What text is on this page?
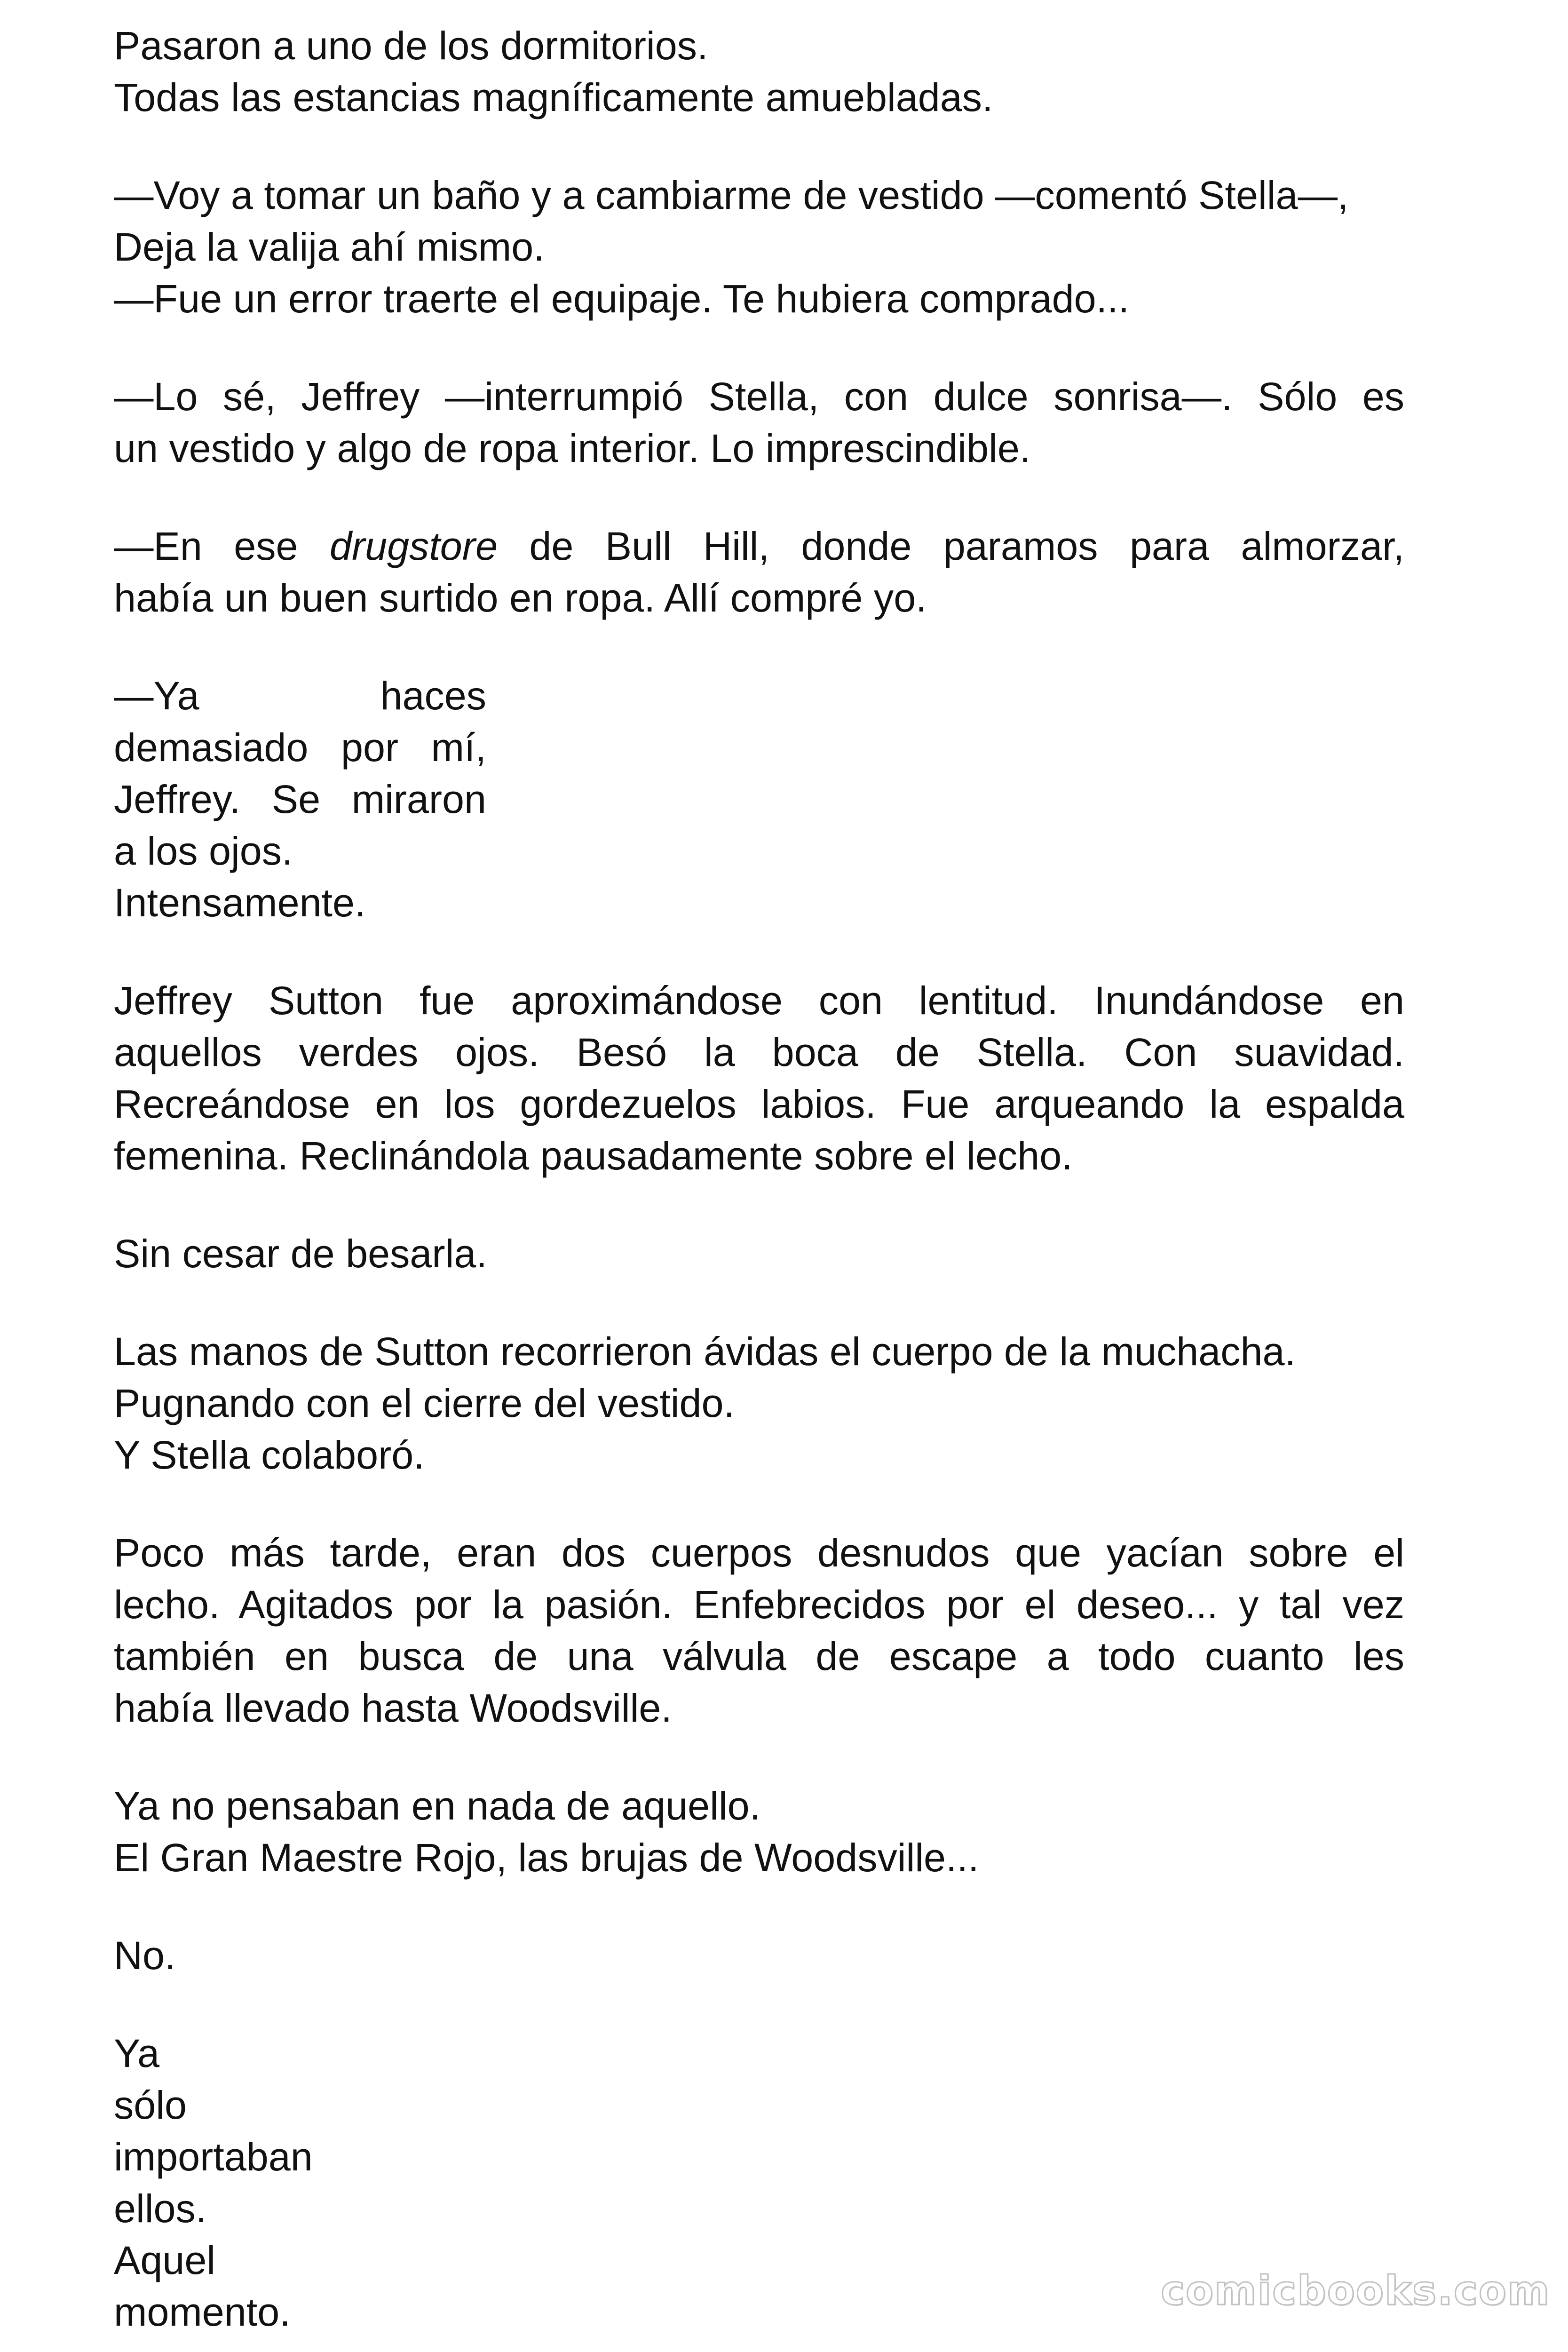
Pasaron a uno de los dormitorios.
Todas las estancias magníficamente amuebladas.
—Voy a tomar un baño y a cambiarme de vestido —comentó Stella—,
Deja la valija ahí mismo.
—Fue un error traerte el equipaje. Te hubiera comprado...
—Lo sé, Jeffrey —interrumpió Stella, con dulce sonrisa—. Sólo es
un vestido y algo de ropa interior. Lo imprescindible.
—En ese drugstore de Bull Hill, donde paramos para almorzar,
había un buen surtido en ropa. Allí compré yo.
—Ya haces
demasiado por mí,
Jeffrey. Se miraron
a los ojos.
Intensamente.
Jeffrey Sutton fue aproximándose con lentitud. Inundándose en
aquellos verdes ojos. Besó la boca de Stella. Con suavidad.
Recreándose en los gordezuelos labios. Fue arqueando la espalda
femenina. Reclinándola pausadamente sobre el lecho.
Sin cesar de besarla.
Las manos de Sutton recorrieron ávidas el cuerpo de la muchacha.
Pugnando con el cierre del vestido.
Y Stella colaboró.
Poco más tarde, eran dos cuerpos desnudos que yacían sobre el
lecho. Agitados por la pasión. Enfebrecidos por el deseo... y tal vez
también en busca de una válvula de escape a todo cuanto les
había llevado hasta Woodsville.
Ya no pensaban en nada de aquello.
El Gran Maestre Rojo, las brujas de Woodsville...
No.
Ya
sólo
importaban
ellos.
Aquel
momento.	comicbooks.com
